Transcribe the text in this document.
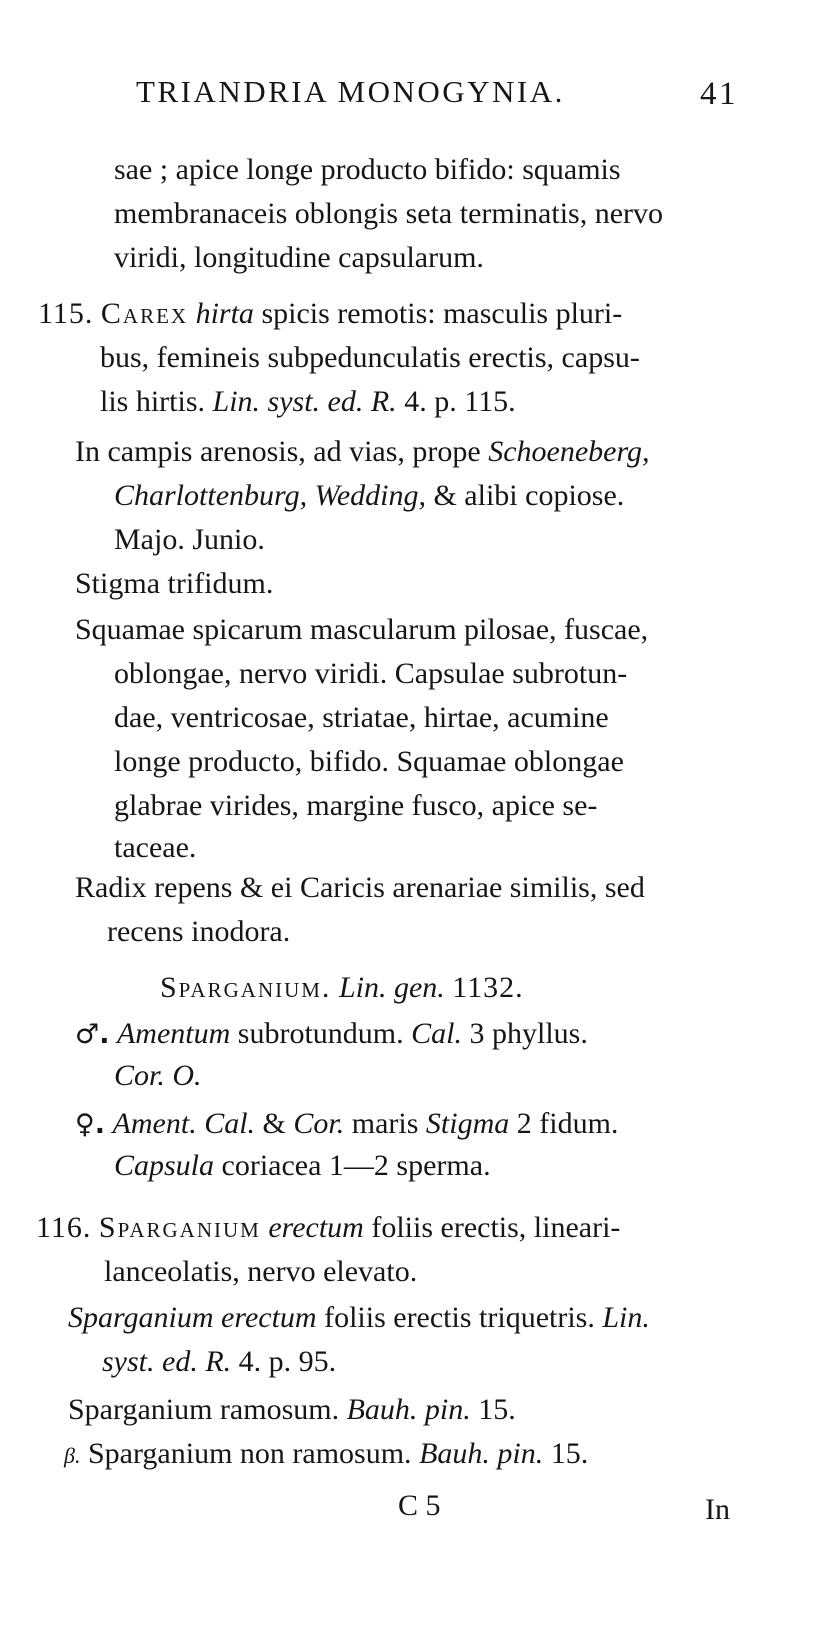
TRIANDRIA MONOGYNIA.	41
sae ; apice longe producto bifido: squamis
membranaceis oblongis seta terminatis, nervo
viridi, longitudine capsularum.
115. Carex hirta spicis remotis: masculis pluri-
bus, femineis subpedunculatis erectis, capsu-
lis hirtis. Lin. syst. ed. R. 4. p. 115.
In campis arenosis, ad vias, prope Schoeneberg,
Charlottenburg, Wedding, & alibi copiose.
Majo. Junio.
Stigma trifidum.
Squamae spicarum mascularum pilosae, fuscae,
oblongae, nervo viridi. Capsulae subrotun-
dae, ventricosae, striatae, hirtae, acumine
longe producto, bifido. Squamae oblongae
glabrae virides, margine fusco, apice se-
taceae.
Radix repens & ei Caricis arenariae similis, sed
recens inodora.
Sparganium. Lin. gen. 1132.
♂. Amentum subrotundum. Cal. 3 phyllus.
Cor. O.
♀. Ament. Cal. & Cor. maris Stigma 2 fidum.
Capsula coriacea 1—2 sperma.
116. Sparganium erectum foliis erectis, lineari-
lanceolatis, nervo elevato.
Sparganium erectum foliis erectis triquetris. Lin.
syst. ed. R. 4. p. 95.
Sparganium ramosum. Bauh. pin. 15.
β. Sparganium non ramosum. Bauh. pin. 15.
C 5	In
